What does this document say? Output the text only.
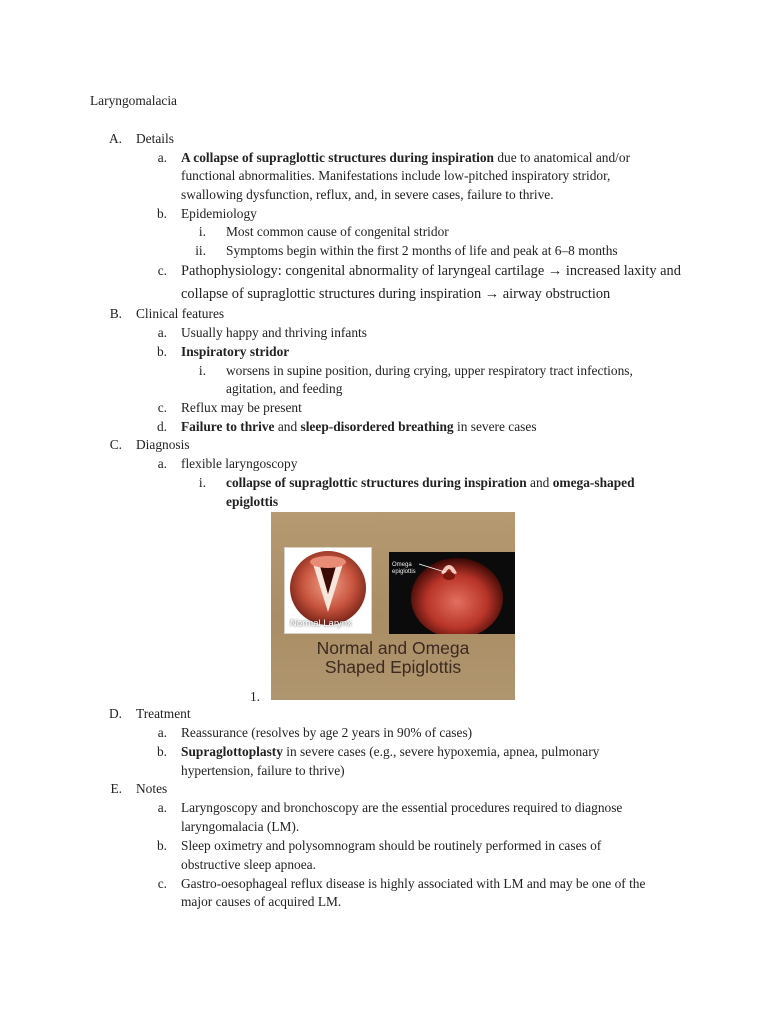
Laryngomalacia
A. Details
a. A collapse of supraglottic structures during inspiration due to anatomical and/or
functional abnormalities. Manifestations include low-pitched inspiratory stridor,
swallowing dysfunction, reflux, and, in severe cases, failure to thrive.
b. Epidemiology
i. Most common cause of congenital stridor
ii. Symptoms begin within the first 2 months of life and peak at 6–8 months
c. Pathophysiology: congenital abnormality of laryngeal cartilage → increased laxity and
collapse of supraglottic structures during inspiration → airway obstruction
B. Clinical features
a. Usually happy and thriving infants
b. Inspiratory stridor
i. worsens in supine position, during crying, upper respiratory tract infections,
agitation, and feeding
c. Reflux may be present
d. Failure to thrive and sleep-disordered breathing in severe cases
C. Diagnosis
a. flexible laryngoscopy
i. collapse of supraglottic structures during inspiration and omega-shaped
epiglottis
1.
Normal Larynx
Omega epiglottis
Normal and Omega
Shaped Epiglottis
D. Treatment
a. Reassurance (resolves by age 2 years in 90% of cases)
b. Supraglottoplasty in severe cases (e.g., severe hypoxemia, apnea, pulmonary
hypertension, failure to thrive)
E. Notes
a. Laryngoscopy and bronchoscopy are the essential procedures required to diagnose
laryngomalacia (LM).
b. Sleep oximetry and polysomnogram should be routinely performed in cases of
obstructive sleep apnoea.
c. Gastro-oesophageal reflux disease is highly associated with LM and may be one of the
major causes of acquired LM.
